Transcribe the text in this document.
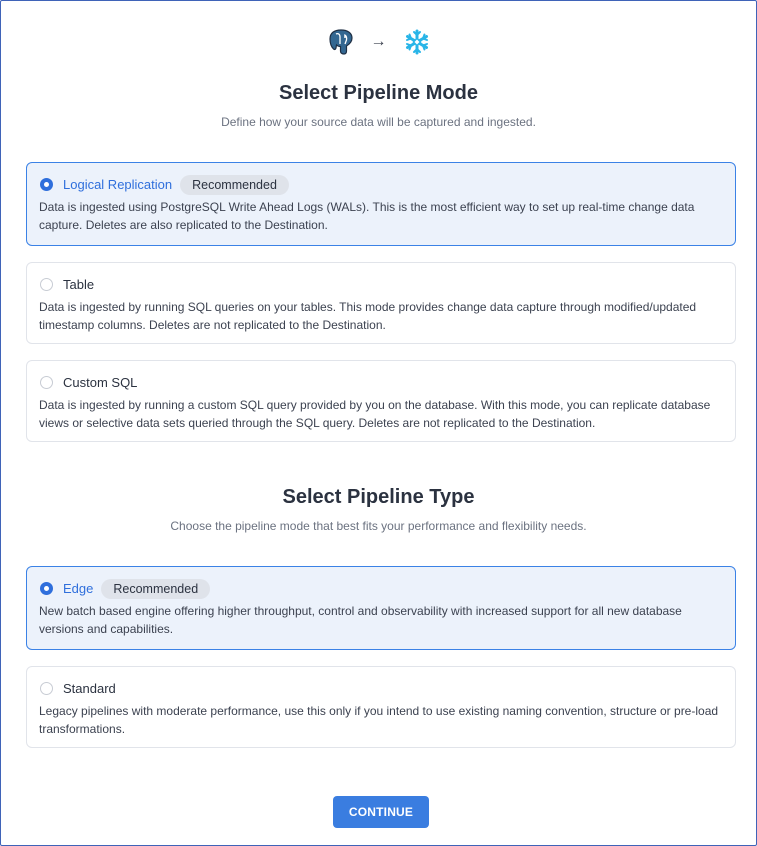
→
Select Pipeline Mode
Define how your source data will be captured and ingested.
Logical Replication	Recommended
Data is ingested using PostgreSQL Write Ahead Logs (WALs). This is the most efficient way to set up real-time change data capture. Deletes are also replicated to the Destination.
Table
Data is ingested by running SQL queries on your tables. This mode provides change data capture through modified/updated timestamp columns. Deletes are not replicated to the Destination.
Custom SQL
Data is ingested by running a custom SQL query provided by you on the database. With this mode, you can replicate database views or selective data sets queried through the SQL query. Deletes are not replicated to the Destination.
Select Pipeline Type
Choose the pipeline mode that best fits your performance and flexibility needs.
Edge	Recommended
New batch based engine offering higher throughput, control and observability with increased support for all new database versions and capabilities.
Standard
Legacy pipelines with moderate performance, use this only if you intend to use existing naming convention, structure or pre-load transformations.
CONTINUE
